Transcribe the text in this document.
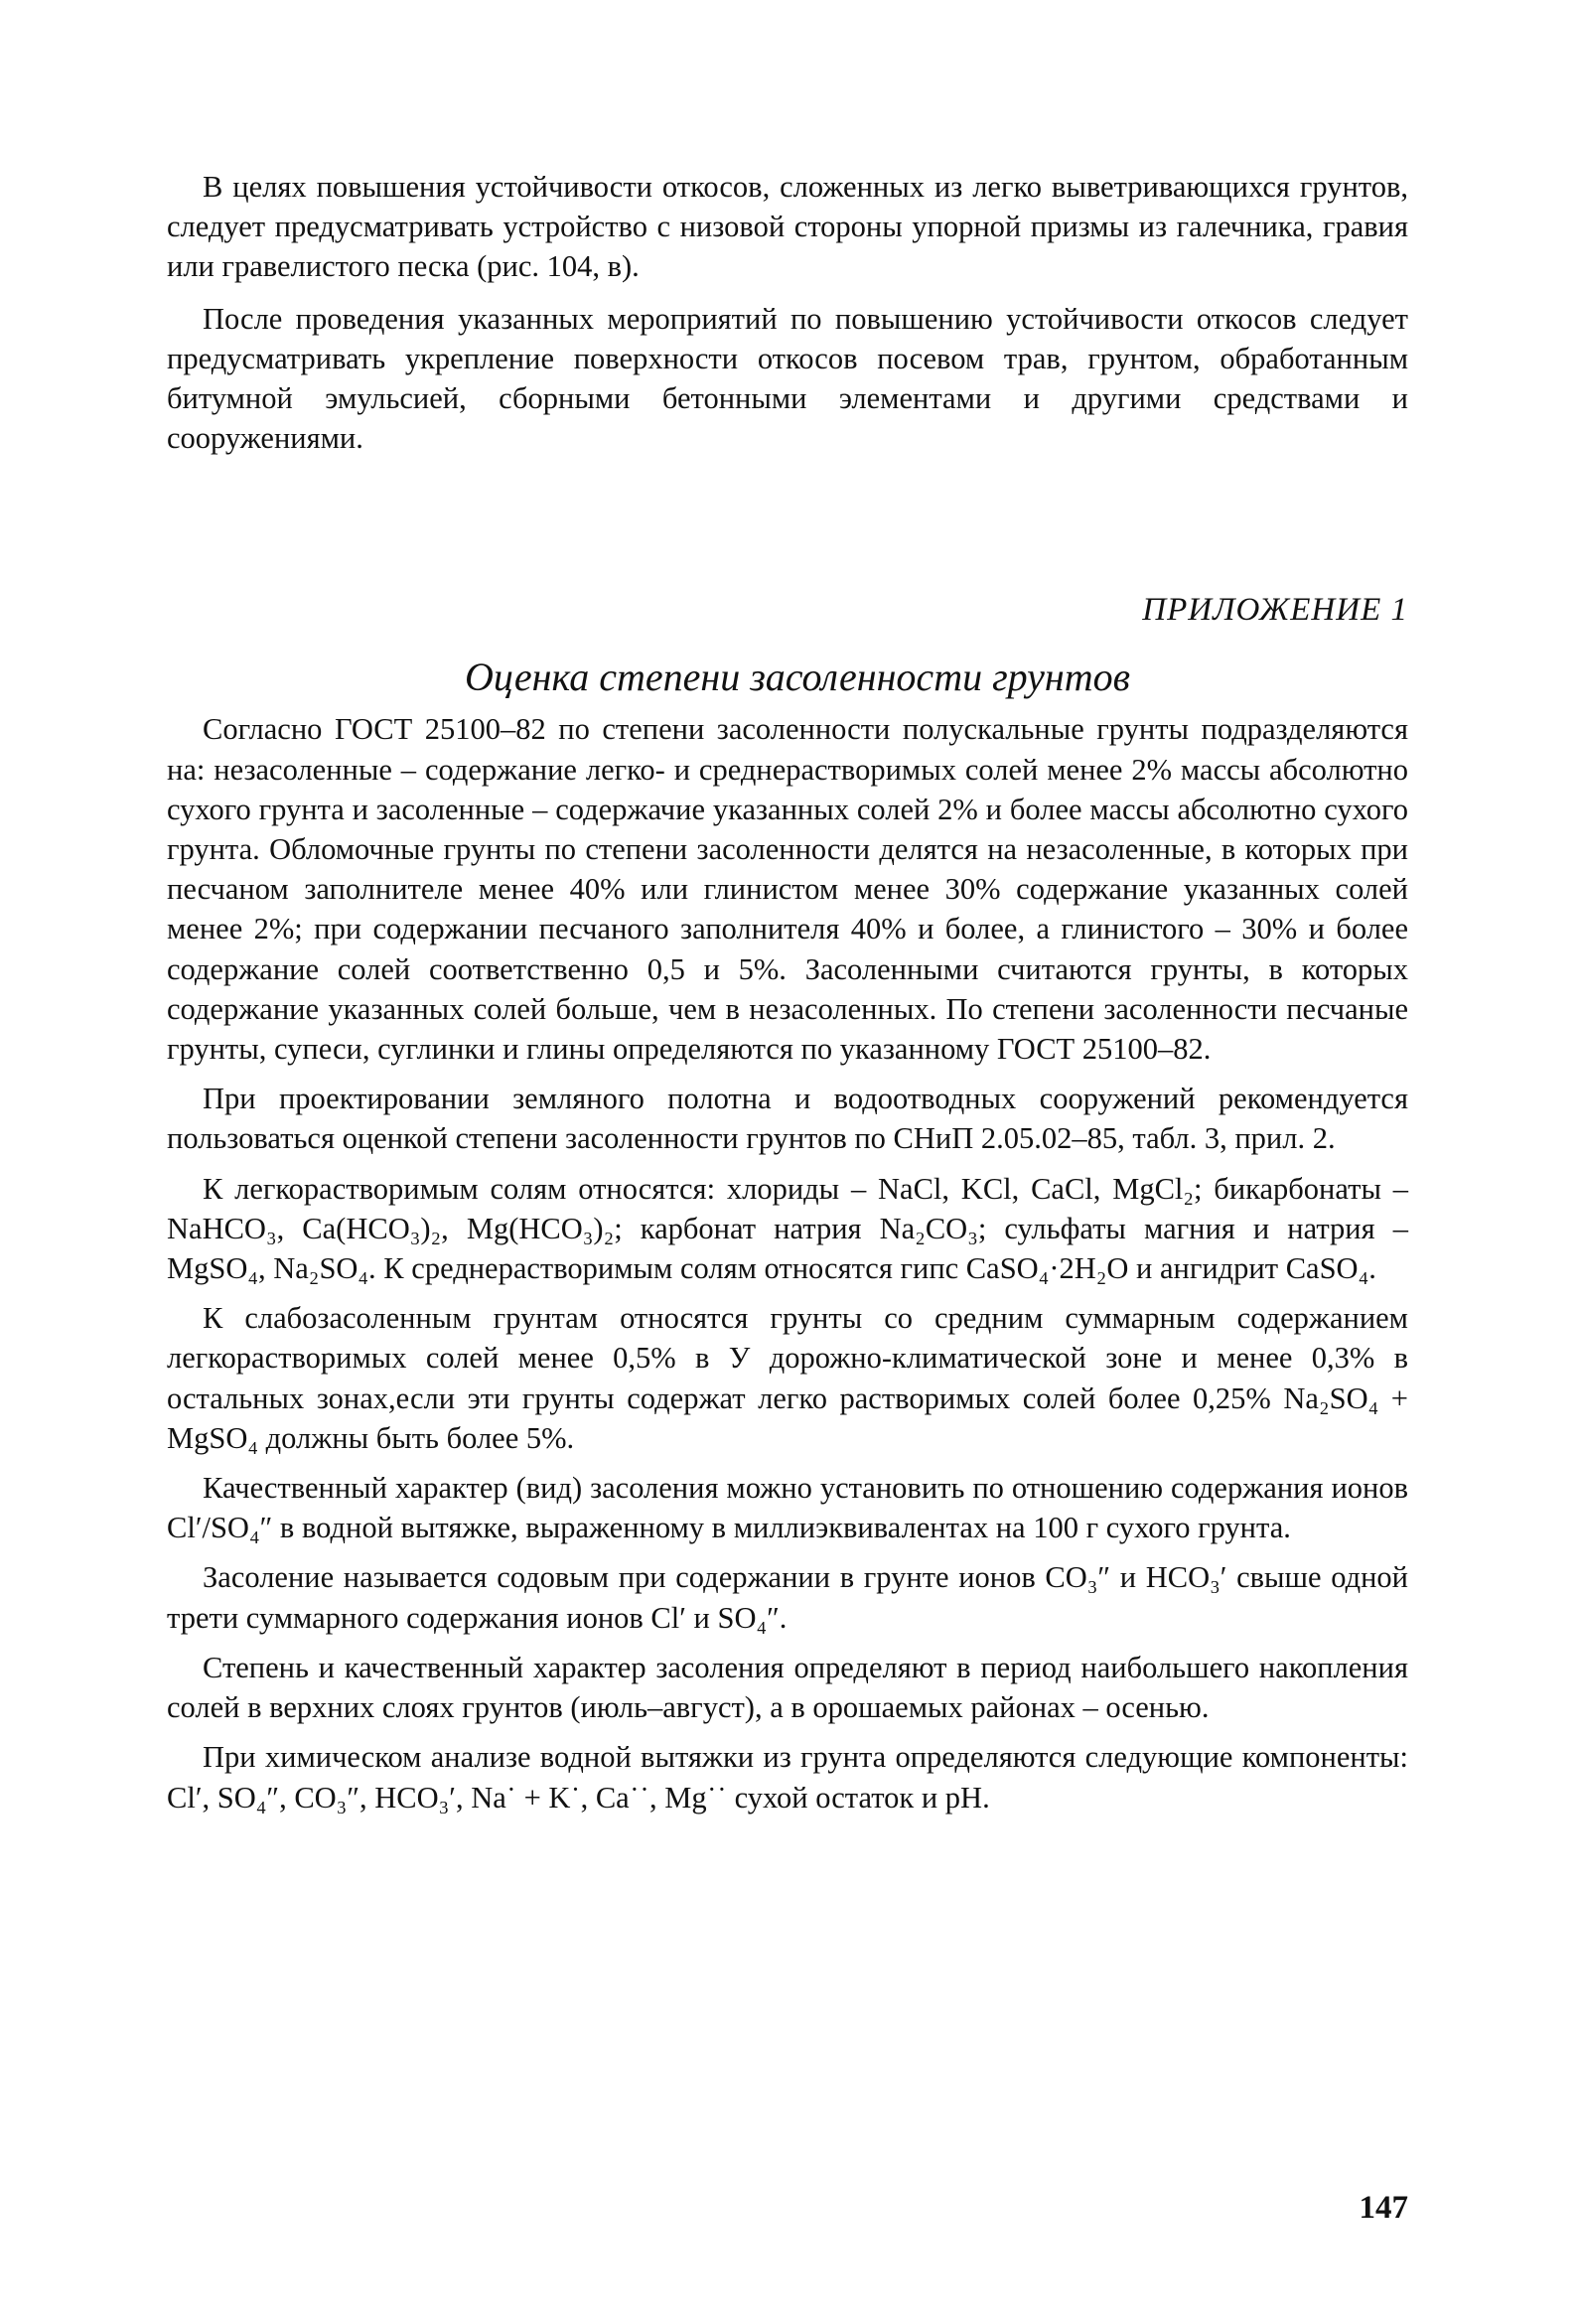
В целях повышения устойчивости откосов, сложенных из легко выветривающихся грунтов, следует предусматривать устройство с низовой стороны упорной призмы из галечника, гравия или гравелистого песка (рис. 104, в).

После проведения указанных мероприятий по повышению устойчивости откосов следует предусматривать укрепление поверхности откосов посевом трав, грунтом, обработанным битумной эмульсией, сборными бетонными элементами и другими средствами и сооружениями.

ПРИЛОЖЕНИЕ 1
Оценка степени засоленности грунтов

Согласно ГОСТ 25100–82 по степени засоленности полускальные грунты подразделяются на: незасоленные – содержание легко- и среднерастворимых солей менее 2% массы абсолютно сухого грунта и засоленные – содержачие указанных солей 2% и более массы абсолютно сухого грунта. Обломочные грунты по степени засоленности делятся на незасоленные, в которых при песчаном заполнителе менее 40% или глинистом менее 30% содержание указанных солей менее 2%; при содержании песчаного заполнителя 40% и более, а глинистого – 30% и более содержание солей соответственно 0,5 и 5%. Засоленными считаются грунты, в которых содержание указанных солей больше, чем в незасоленных. По степени засоленности песчаные грунты, супеси, суглинки и глины определяются по указанному ГОСТ 25100–82.

При проектировании земляного полотна и водоотводных сооружений рекомендуется пользоваться оценкой степени засоленности грунтов по СНиП 2.05.02–85, табл. 3, прил. 2.

К легкорастворимым солям относятся: хлориды – NaCl, KCl, CaCl, MgCl₂; бикарбонаты – NaHCO₃, Ca(HCO₃)₂, Mg(HCO₃)₂; карбонат натрия Na₂CO₃; сульфаты магния и натрия – MgSO₄, Na₂SO₄. К среднерастворимым солям относятся гипс CaSO₄·2H₂O и ангидрит CaSO₄.

К слабозасоленным грунтам относятся грунты со средним суммарным содержанием легкорастворимых солей менее 0,5% в У дорожно-климатической зоне и менее 0,3% в остальных зонах,если эти грунты содержат легко растворимых солей более 0,25% Na₂SO₄ + MgSO₄ должны быть более 5%.

Качественный характер (вид) засоления можно установить по отношению содержания ионов Cl′/SO₄″ в водной вытяжке, выраженному в миллиэквивалентах на 100 г сухого грунта.

Засоление называется содовым при содержании в грунте ионов CO₃″ и HCO₃′ свыше одной трети суммарного содержания ионов Cl′ и SO₄″.

Степень и качественный характер засоления определяют в период наибольшего накопления солей в верхних слоях грунтов (июль–август), а в орошаемых районах – осенью.

При химическом анализе водной вытяжки из грунта определяются следующие компоненты: Cl′, SO₄″, CO₃″, HCO₃′, Na˙ + K˙, Ca˙˙, Mg˙˙ сухой остаток и pH.

147
